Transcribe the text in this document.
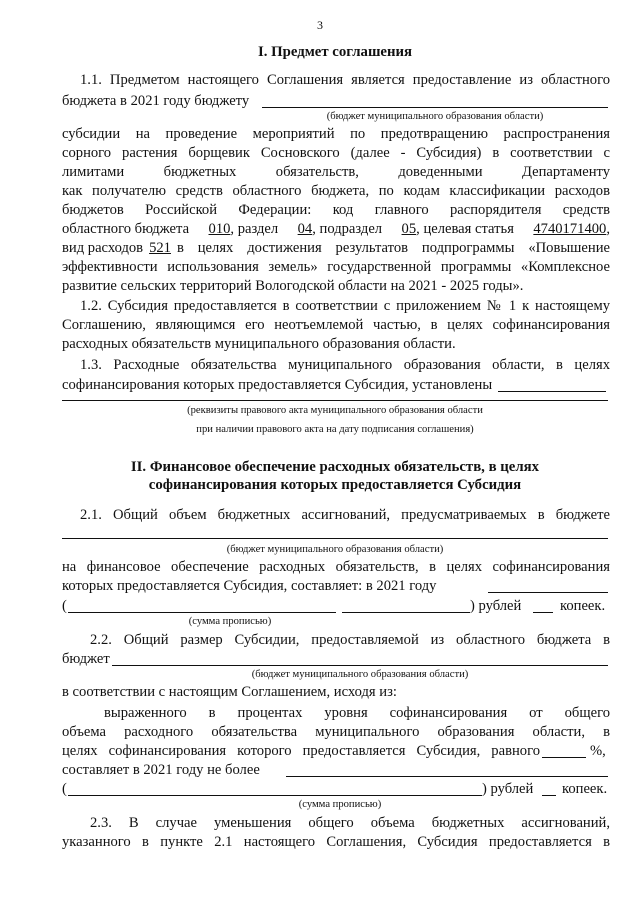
3
I. Предмет соглашения
1.1. Предметом настоящего Соглашения является предоставление из областного
бюджета в 2021 году бюджету
(бюджет муниципального образования области)
субсидии на проведение мероприятий по предотвращению распространения
сорного растения борщевик Сосновского (далее - Субсидия) в соответствии с
лимитами бюджетных обязательств, доведенными Департаменту
как получателю средств областного бюджета, по кодам классификации расходов
бюджетов Российской Федерации: код главного распорядителя средств
областного бюджета 010, раздел 04, подраздел 05, целевая статья 4740171400,
вид расходов 521 в целях достижения результатов подпрограммы «Повышение
эффективности использования земель» государственной программы «Комплексное
развитие сельских территорий Вологодской области на 2021 - 2025 годы».
1.2. Субсидия предоставляется в соответствии с приложением № 1 к настоящему
Соглашению, являющимся его неотъемлемой частью, в целях софинансирования
расходных обязательств муниципального образования области.
1.3. Расходные обязательства муниципального образования области, в целях
софинансирования которых предоставляется Субсидия, установлены
(реквизиты правового акта муниципального образования области
при наличии правового акта на дату подписания соглашения)
II. Финансовое обеспечение расходных обязательств, в целях
софинансирования которых предоставляется Субсидия
2.1. Общий объем бюджетных ассигнований, предусматриваемых в бюджете
(бюджет муниципального образования области)
на финансовое обеспечение расходных обязательств, в целях софинансирования
которых предоставляется Субсидия, составляет: в 2021 году
(	) рублей	копеек.
(сумма прописью)
2.2. Общий размер Субсидии, предоставляемой из областного бюджета в
бюджет
(бюджет муниципального образования области)
в соответствии с настоящим Соглашением, исходя из:
выраженного в процентах уровня софинансирования от общего
объема расходного обязательства муниципального образования области, в
целях софинансирования которого предоставляется Субсидия, равного	%,
составляет в 2021 году не более
(	) рублей копеек.
(сумма прописью)
2.3. В случае уменьшения общего объема бюджетных ассигнований,
указанного в пункте 2.1 настоящего Соглашения, Субсидия предоставляется в
